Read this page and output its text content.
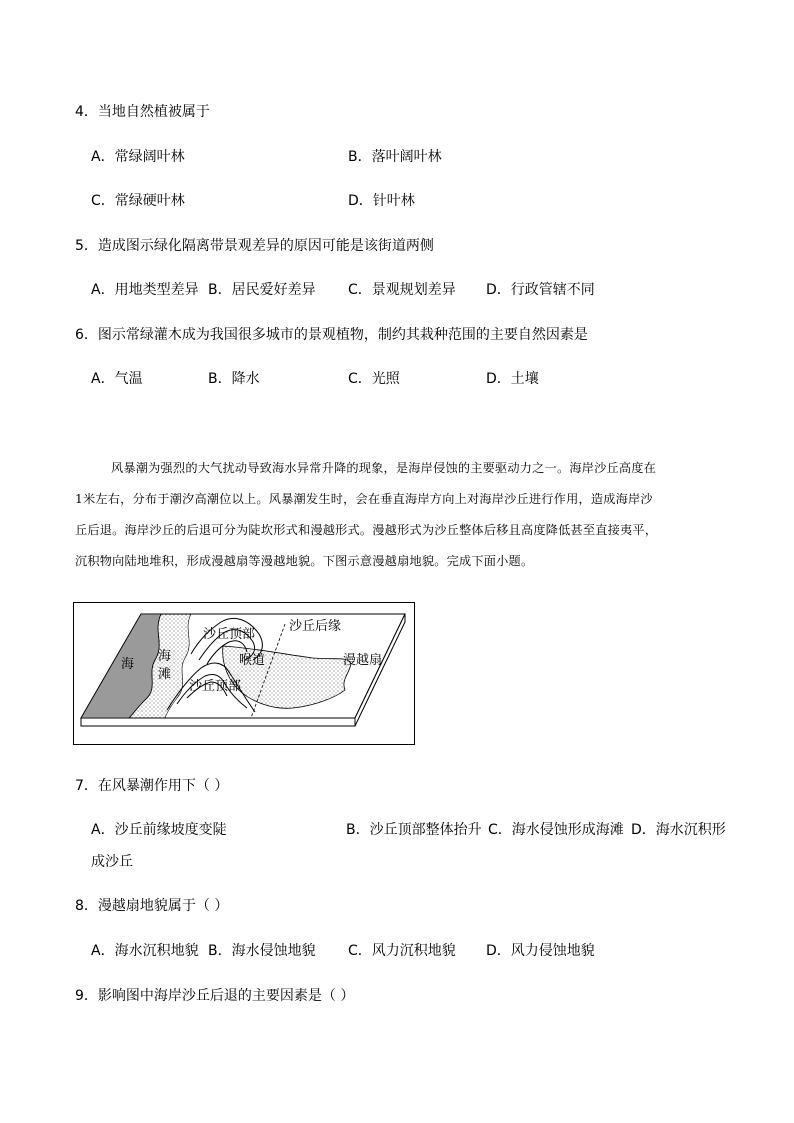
4．当地自然植被属于
A．常绿阔叶林	B．落叶阔叶林
C．常绿硬叶林	D．针叶林
5．造成图示绿化隔离带景观差异的原因可能是该街道两侧
A．用地类型差异 B．居民爱好差异 C．景观规划差异 D．行政管辖不同
6．图示常绿灌木成为我国很多城市的景观植物，制约其栽种范围的主要自然因素是
A．气温	B．降水	C．光照	D．土壤
风暴潮为强烈的大气扰动导致海水异常升降的现象，是海岸侵蚀的主要驱动力之一。海岸沙丘高度在
1米左右，分布于潮汐高潮位以上。风暴潮发生时，会在垂直海岸方向上对海岸沙丘进行作用，造成海岸沙
丘后退。海岸沙丘的后退可分为陡坎形式和漫越形式。漫越形式为沙丘整体后移且高度降低甚至直接夷平，
沉积物向陆地堆积，形成漫越扇等漫越地貌。下图示意漫越扇地貌。完成下面小题。
海
海
滩
沙丘顶部
沙丘后缘
喉道	漫越扇
沙丘顶部
7．在风暴潮作用下（ ）
A．沙丘前缘坡度变陡	B．沙丘顶部整体抬升 C．海水侵蚀形成海滩 D．海水沉积形
成沙丘
8．漫越扇地貌属于（ ）
A．海水沉积地貌 B．海水侵蚀地貌 C．风力沉积地貌 D．风力侵蚀地貌
9．影响图中海岸沙丘后退的主要因素是（ ）
